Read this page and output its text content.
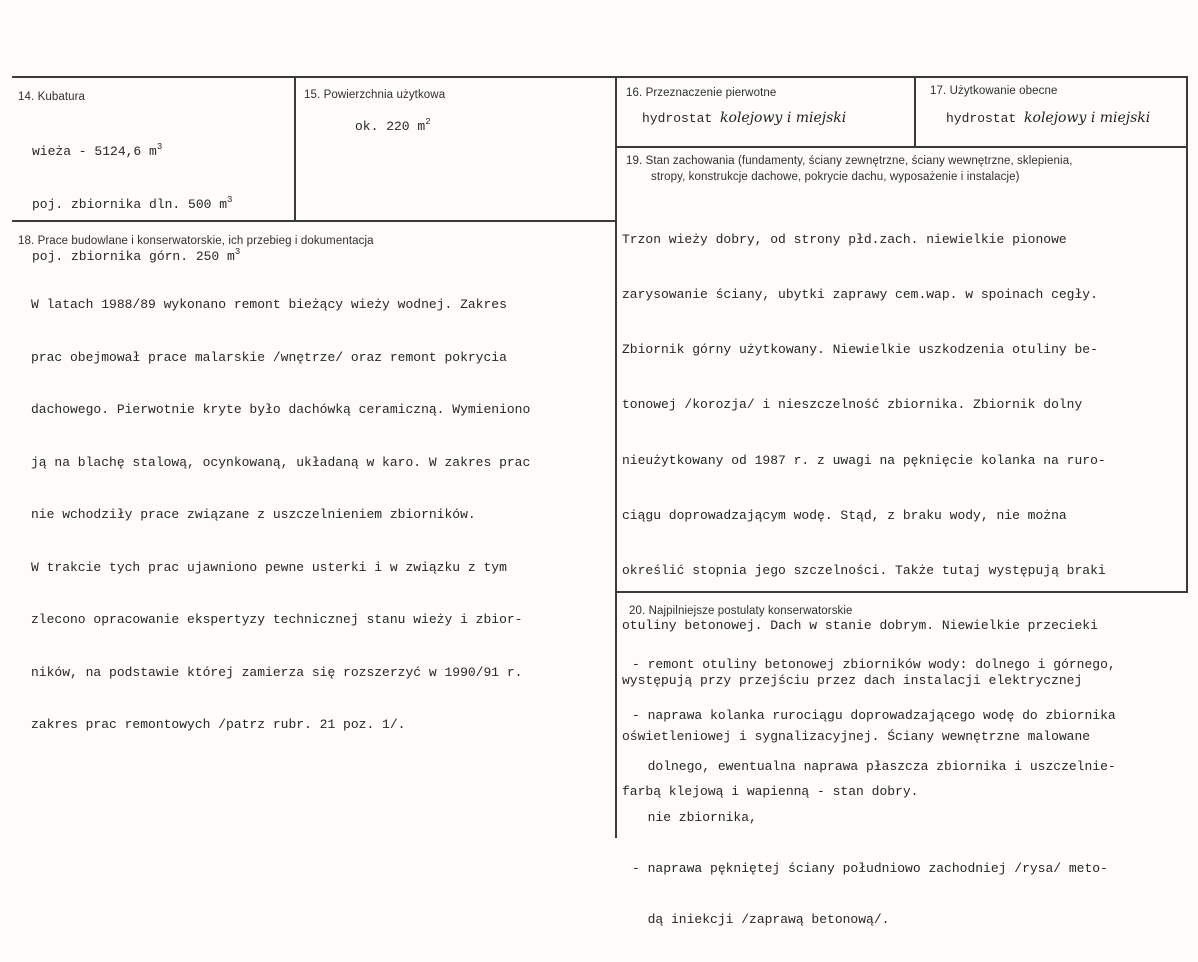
14. Kubatura

wieża - 5124,6 $m^3$

poj. zbiornika dln. 500 $m^3$

poj. zbiornika górn. 250 $m^3$

15. Powierzchnia użytkowa
ok. 220 $m^2$
16. Przeznaczenie pierwotne
hydrostat kolejowy i miejski
17. Użytkowanie obecne
hydrostat kolejowy i miejski
18. Prace budowlane i konserwatorskie, ich przebieg i dokumentacja

W latach 1988/89 wykonano remont bieżący wieży wodnej. Zakres

prac obejmował prace malarskie /wnętrze/ oraz remont pokrycia

dachowego. Pierwotnie kryte było dachówką ceramiczną. Wymieniono

ją na blachę stalową, ocynkowaną, układaną w karo. W zakres prac

nie wchodziły prace związane z uszczelnieniem zbiorników.

W trakcie tych prac ujawniono pewne usterki i w związku z tym

zlecono opracowanie ekspertyzy technicznej stanu wieży i zbior-

ników, na podstawie której zamierza się rozszerzyć w 1990/91 r.

zakres prac remontowych /patrz rubr. 21 poz. 1/.

19. Stan zachowania (fundamenty, ściany zewnętrzne, ściany wewnętrzne, sklepienia,
stropy, konstrukcje dachowe, pokrycie dachu, wyposażenie i instalacje)

Trzon wieży dobry, od strony płd.zach. niewielkie pionowe

zarysowanie ściany, ubytki zaprawy cem.wap. w spoinach cegły.

Zbiornik górny użytkowany. Niewielkie uszkodzenia otuliny be-

tonowej /korozja/ i nieszczelność zbiornika. Zbiornik dolny

nieużytkowany od 1987 r. z uwagi na pęknięcie kolanka na ruro-

ciągu doprowadzającym wodę. Stąd, z braku wody, nie można

określić stopnia jego szczelności. Także tutaj występują braki

otuliny betonowej. Dach w stanie dobrym. Niewielkie przecieki

występują przy przejściu przez dach instalacji elektrycznej

oświetleniowej i sygnalizacyjnej. Ściany wewnętrzne malowane

farbą klejową i wapienną - stan dobry.

20. Najpilniejsze postulaty konserwatorskie

- remont otuliny betonowej zbiorników wody: dolnego i górnego,

- naprawa kolanka rurociągu doprowadzającego wodę do zbiornika

dolnego, ewentualna naprawa płaszcza zbiornika i uszczelnie-

nie zbiornika,

- naprawa pękniętej ściany południowo zachodniej /rysa/ meto-

dą iniekcji /zaprawą betonową/.
